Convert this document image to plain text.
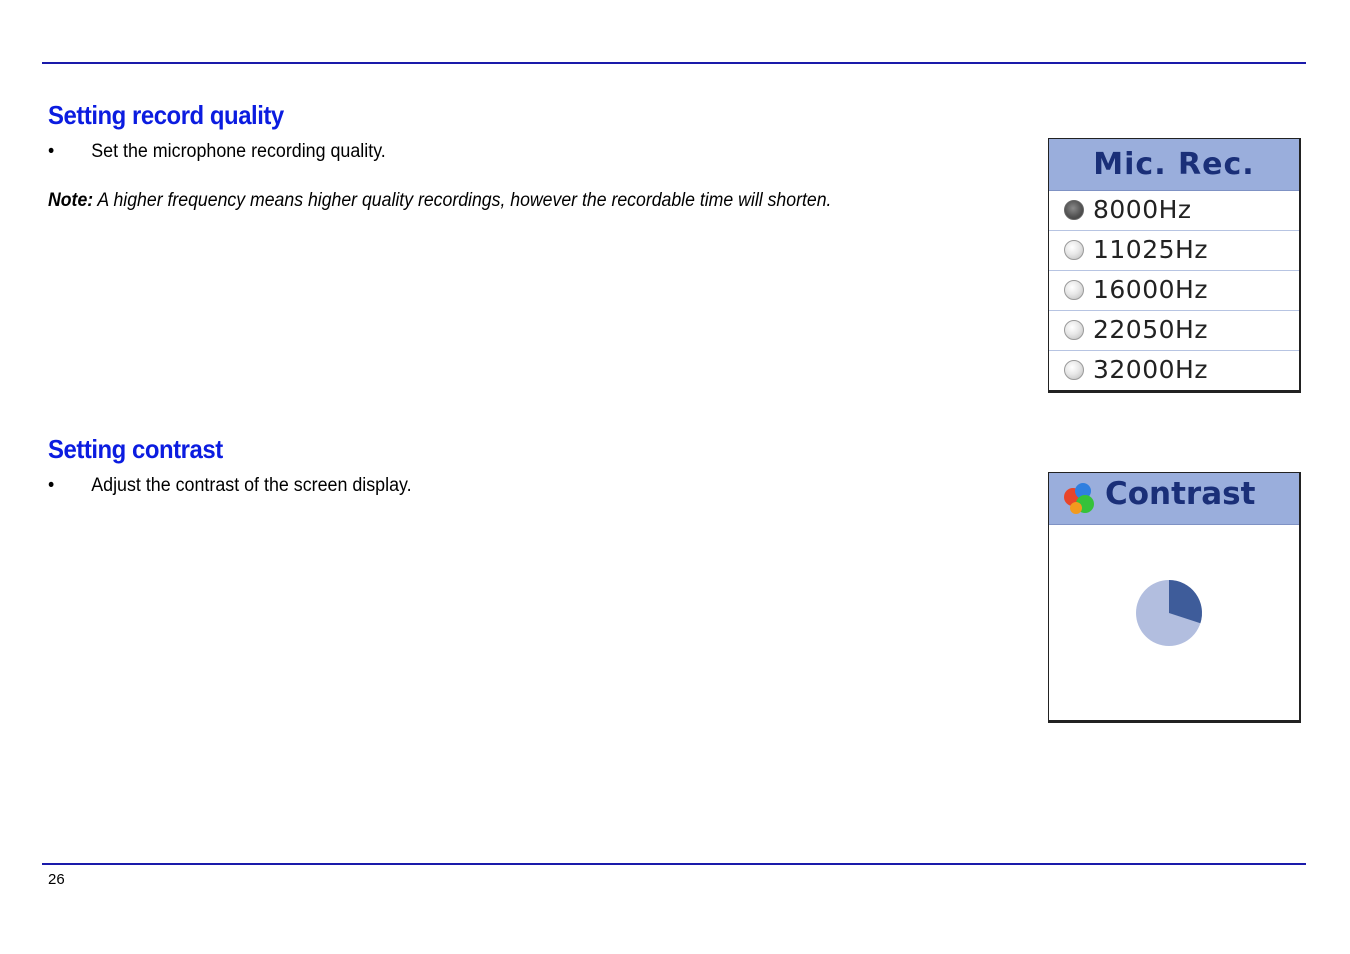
Setting record quality
• Set the microphone recording quality.
Note: A higher frequency means higher quality recordings, however the recordable time will shorten.
Setting contrast
• Adjust the contrast of the screen display.
Mic. Rec.
8000Hz
11025Hz
16000Hz
22050Hz
32000Hz
Contrast
26
